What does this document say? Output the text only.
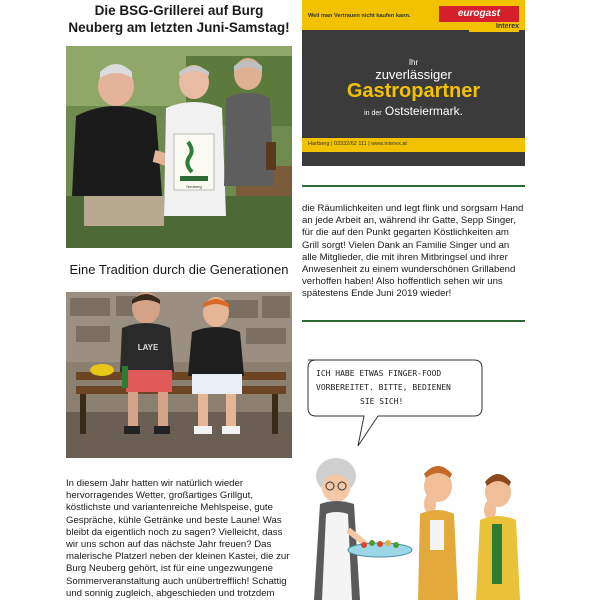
Die BSG-Grillerei auf Burg
Neuberg am letzten Juni-Samstag!
Neuberg
Eine Tradition durch die Generationen
LAYE
In diesem Jahr hatten wir natürlich wieder
hervorragendes Wetter, großartiges Grillgut,
köstlichste und variantenreiche Mehlspeise, gute
Gespräche, kühle Getränke und beste Laune! Was
bleibt da eigentlich noch zu sagen? Vielleicht, dass
wir uns schon auf das nächste Jahr freuen? Das
malerische Platzerl neben der kleinen Kastei, die zur
Burg Neuberg gehört, ist für eine ungezwungene
Sommerveranstaltung auch unübertrefflich! Schattig
und sonnig zugleich, abgeschieden und trotzdem
Weil man Vertrauen nicht kaufen kann.	eurogast
Interex
Ihr
zuverlässiger
Gastropartner
in der Oststeiermark.
Hartberg | 03332/62 111 | www.interex.at
die Räumlichkeiten und legt flink und sorgsam Hand
an jede Arbeit an, während ihr Gatte, Sepp Singer,
für die auf den Punkt gegarten Köstlichkeiten am
Grill sorgt! Vielen Dank an Familie Singer und an
alle Mitglieder, die mit ihren Mitbringsel und ihrer
Anwesenheit zu einem wunderschönen Grillabend
verhoffen haben! Also hoffentlich sehen wir uns
spätestens Ende Juni 2019 wieder!
ICH HABE ETWAS FINGER-FOOD
VORBEREITET. BITTE, BEDIENEN
SIE SICH!
